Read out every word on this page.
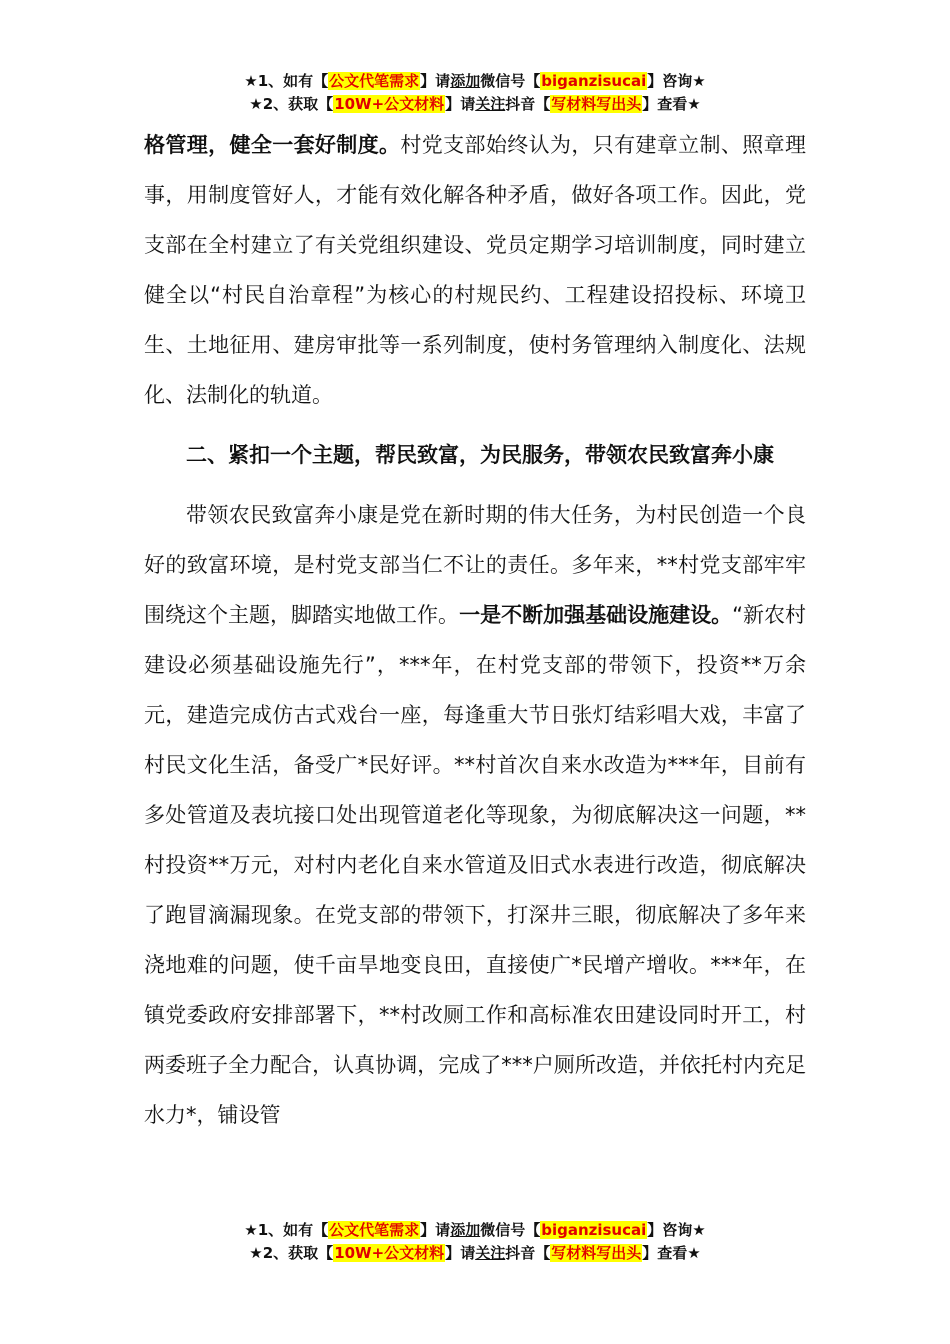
★1、如有【公文代笔需求】请添加微信号【biganzisucai】咨询★
★2、获取【10W+公文材料】请关注抖音【写材料写出头】查看★

格管理，健全一套好制度。村党支部始终认为，只有建章立制、照章理事，用制度管好人，才能有效化解各种矛盾，做好各项工作。因此，党支部在全村建立了有关党组织建设、党员定期学习培训制度，同时建立健全以“村民自治章程”为核心的村规民约、工程建设招投标、环境卫生、土地征用、建房审批等一系列制度，使村务管理纳入制度化、法规化、法制化的轨道。

二、紧扣一个主题，帮民致富，为民服务，带领农民致富奔小康

带领农民致富奔小康是党在新时期的伟大任务，为村民创造一个良好的致富环境，是村党支部当仁不让的责任。多年来，**村党支部牢牢围绕这个主题，脚踏实地做工作。一是不断加强基础设施建设。“新农村建设必须基础设施先行”，***年，在村党支部的带领下，投资**万余元，建造完成仿古式戏台一座，每逢重大节日张灯结彩唱大戏，丰富了村民文化生活，备受广*民好评。**村首次自来水改造为***年，目前有多处管道及表坑接口处出现管道老化等现象，为彻底解决这一问题，**村投资**万元，对村内老化自来水管道及旧式水表进行改造，彻底解决了跑冒滴漏现象。在党支部的带领下，打深井三眼，彻底解决了多年来浇地难的问题，使千亩旱地变良田，直接使广*民增产增收。***年，在镇党委政府安排部署下，**村改厕工作和高标准农田建设同时开工，村两委班子全力配合，认真协调，完成了***户厕所改造，并依托村内充足水力*，铺设管

★1、如有【公文代笔需求】请添加微信号【biganzisucai】咨询★
★2、获取【10W+公文材料】请关注抖音【写材料写出头】查看★
